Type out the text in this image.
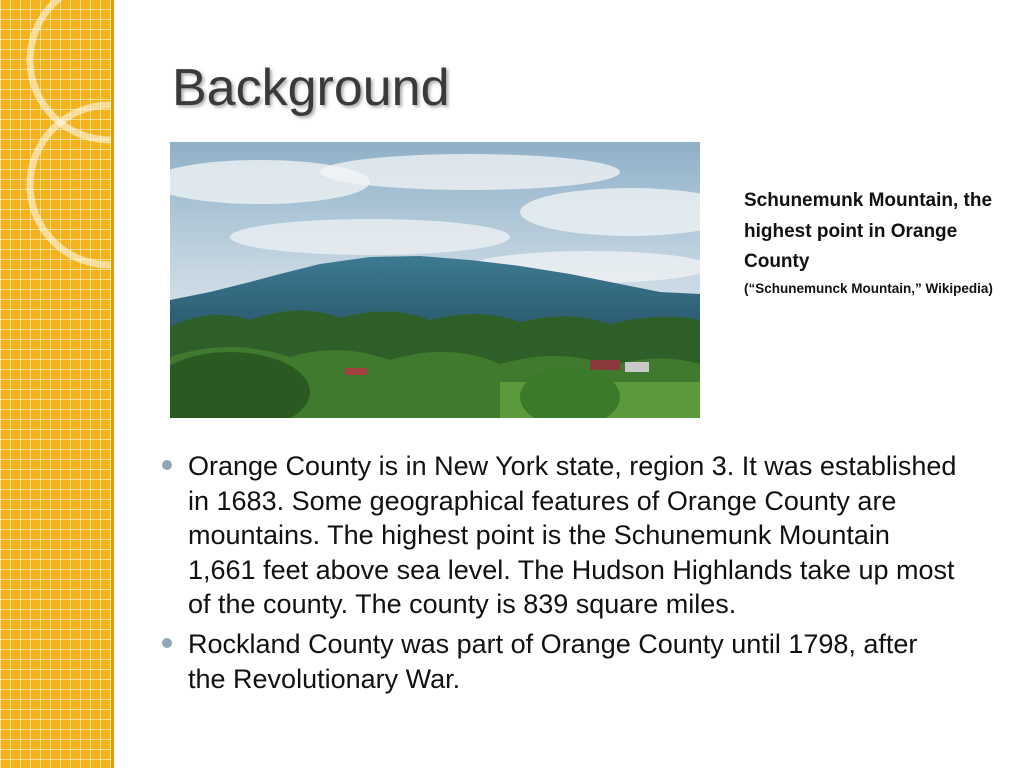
Background

Schunemunk Mountain, the highest point in Orange County

(“Schunemunck Mountain,” Wikipedia)

Orange County is in New York state, region 3. It was established in 1683. Some geographical features of Orange County are mountains. The highest point is the Schunemunk Mountain 1,661 feet above sea level. The Hudson Highlands take up most of the county. The county is 839 square miles.
Rockland County was part of Orange County until 1798, after the Revolutionary War.
